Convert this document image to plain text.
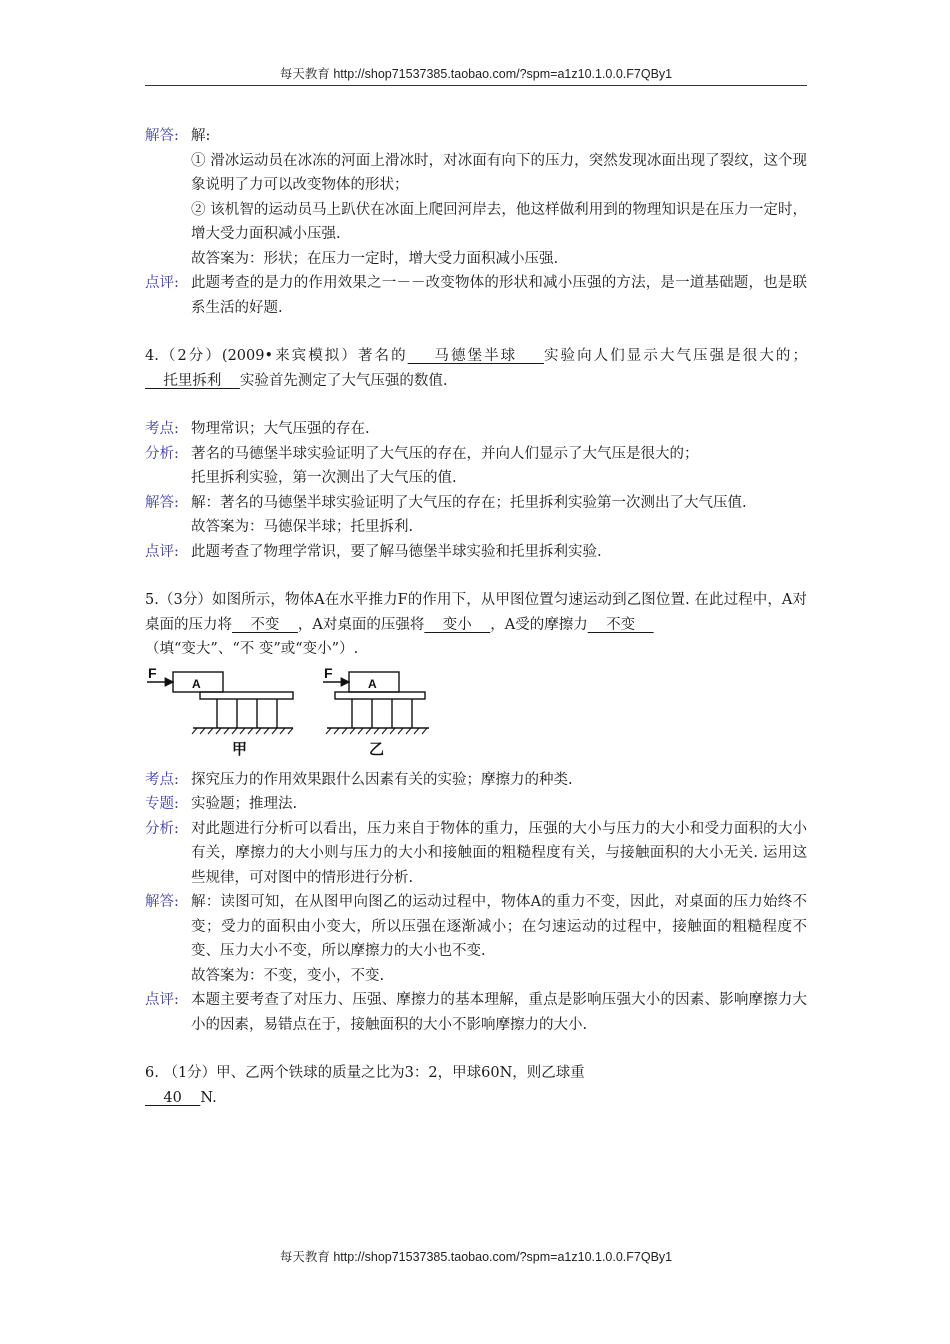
每天教育 http://shop71537385.taobao.com/?spm=a1z10.1.0.0.F7QBy1
解答: 解:
① 滑冰运动员在冰冻的河面上滑冰时，对冰面有向下的压力，突然发现冰面出现了裂纹，这个现象说明了力可以改变物体的形状；
② 该机智的运动员马上趴伏在冰面上爬回河岸去，他这样做利用到的物理知识是在压力一定时，增大受力面积减小压强.
故答案为：形状；在压力一定时，增大受力面积减小压强.
点评: 此题考查的是力的作用效果之一－－改变物体的形状和减小压强的方法，是一道基础题，也是联系生活的好题.
4.（2分）(2009•来宾模拟）著名的    马德堡半球    实验向人们显示大气压强是很大的；    托里拆利    实验首先测定了大气压强的数值.
考点: 物理常识；大气压强的存在.
分析: 著名的马德堡半球实验证明了大气压的存在，并向人们显示了大气压是很大的；
托里拆利实验，第一次测出了大气压的值.
解答: 解：著名的马德堡半球实验证明了大气压的存在；托里拆利实验第一次测出了大气压值.
故答案为：马德保半球；托里拆利.
点评: 此题考查了物理学常识，要了解马德堡半球实验和托里拆利实验.
5.（3分）如图所示，物体A在水平推力F的作用下，从甲图位置匀速运动到乙图位置. 在此过程中，A对桌面的压力将    不变    ，A对桌面的压强将    变小    ，A受的摩擦力    不变
（填“变大”、“不 变”或“变小”）.
F
A
甲
F
A
乙
考点: 探究压力的作用效果跟什么因素有关的实验；摩擦力的种类.
专题: 实验题；推理法.
分析: 对此题进行分析可以看出，压力来自于物体的重力，压强的大小与压力的大小和受力面积的大小有关，摩擦力的大小则与压力的大小和接触面的粗糙程度有关，与接触面积的大小无关. 运用这些规律，可对图中的情形进行分析.
解答: 解：读图可知，在从图甲向图乙的运动过程中，物体A的重力不变，因此，对桌面的压力始终不变；受力的面积由小变大，所以压强在逐渐减小；在匀速运动的过程中，接触面的粗糙程度不变、压力大小不变，所以摩擦力的大小也不变.
故答案为：不变，变小，不变.
点评: 本题主要考查了对压力、压强、摩擦力的基本理解，重点是影响压强大小的因素、影响摩擦力大小的因素，易错点在于，接触面积的大小不影响摩擦力的大小.
6. （1分）甲、乙两个铁球的质量之比为3：2，甲球60N，则乙球重
40    N.
每天教育 http://shop71537385.taobao.com/?spm=a1z10.1.0.0.F7QBy1
